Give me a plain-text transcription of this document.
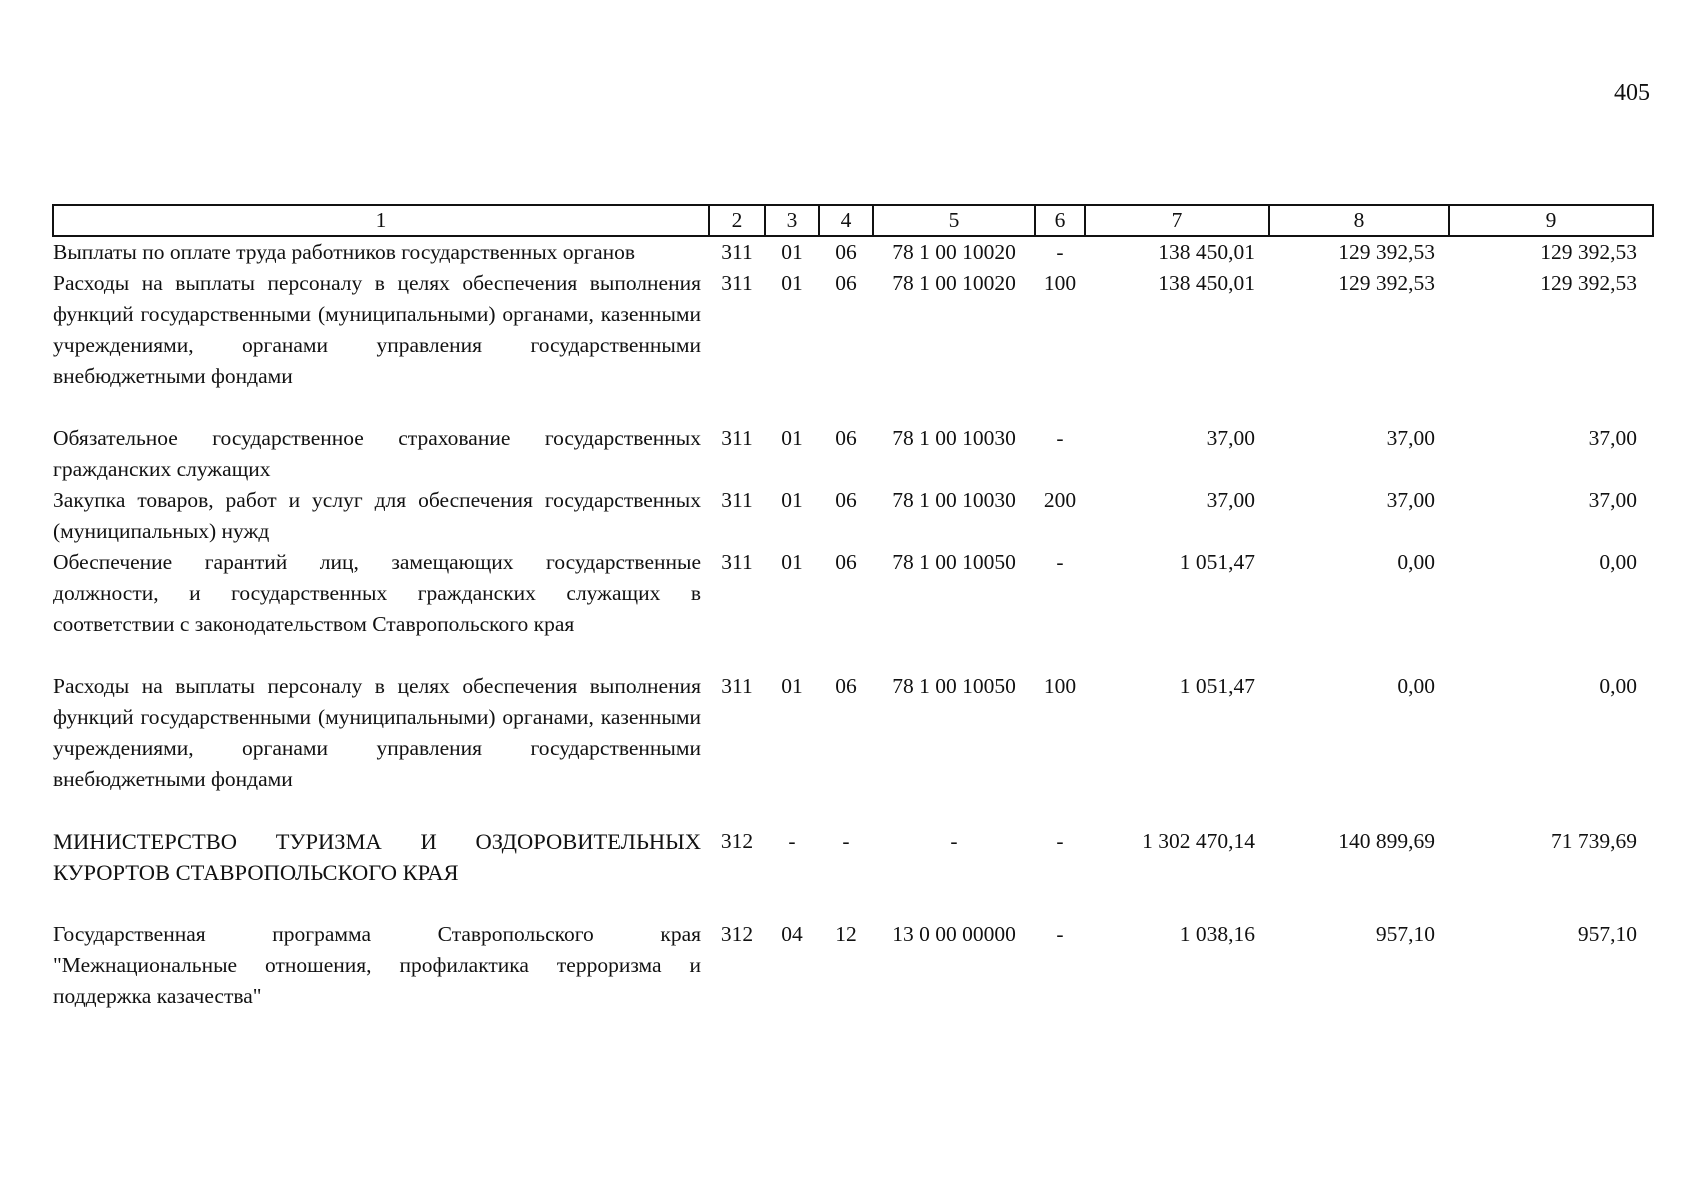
405
1	2	3	4	5	6	7	8	9
Выплаты по оплате труда работников государственных органов	311	01	06	78 1 00 10020	-	138 450,01	129 392,53	129 392,53
Расходы на выплаты персоналу в целях обеспечения выполнения функций государственными (муниципальными) органами, казенными учреждениями, органами управления государственными внебюджетными фондами	311	01	06	78 1 00 10020	100	138 450,01	129 392,53	129 392,53

Обязательное государственное страхование государственных гражданских служащих	311	01	06	78 1 00 10030	-	37,00	37,00	37,00
Закупка товаров, работ и услуг для обеспечения государственных (муниципальных) нужд	311	01	06	78 1 00 10030	200	37,00	37,00	37,00
Обеспечение гарантий лиц, замещающих государственные должности, и государственных гражданских служащих в соответствии с законодательством Ставропольского края	311	01	06	78 1 00 10050	-	1 051,47	0,00	0,00

Расходы на выплаты персоналу в целях обеспечения выполнения функций государственными (муниципальными) органами, казенными учреждениями, органами управления государственными внебюджетными фондами	311	01	06	78 1 00 10050	100	1 051,47	0,00	0,00

МИНИСТЕРСТВО ТУРИЗМА И ОЗДОРОВИТЕЛЬНЫХ КУРОРТОВ СТАВРОПОЛЬСКОГО КРАЯ	312	-	-	-	-	1 302 470,14	140 899,69	71 739,69

Государственная программа Ставропольского края "Межнациональные отношения, профилактика терроризма и поддержка казачества"	312	04	12	13 0 00 00000	-	1 038,16	957,10	957,10
